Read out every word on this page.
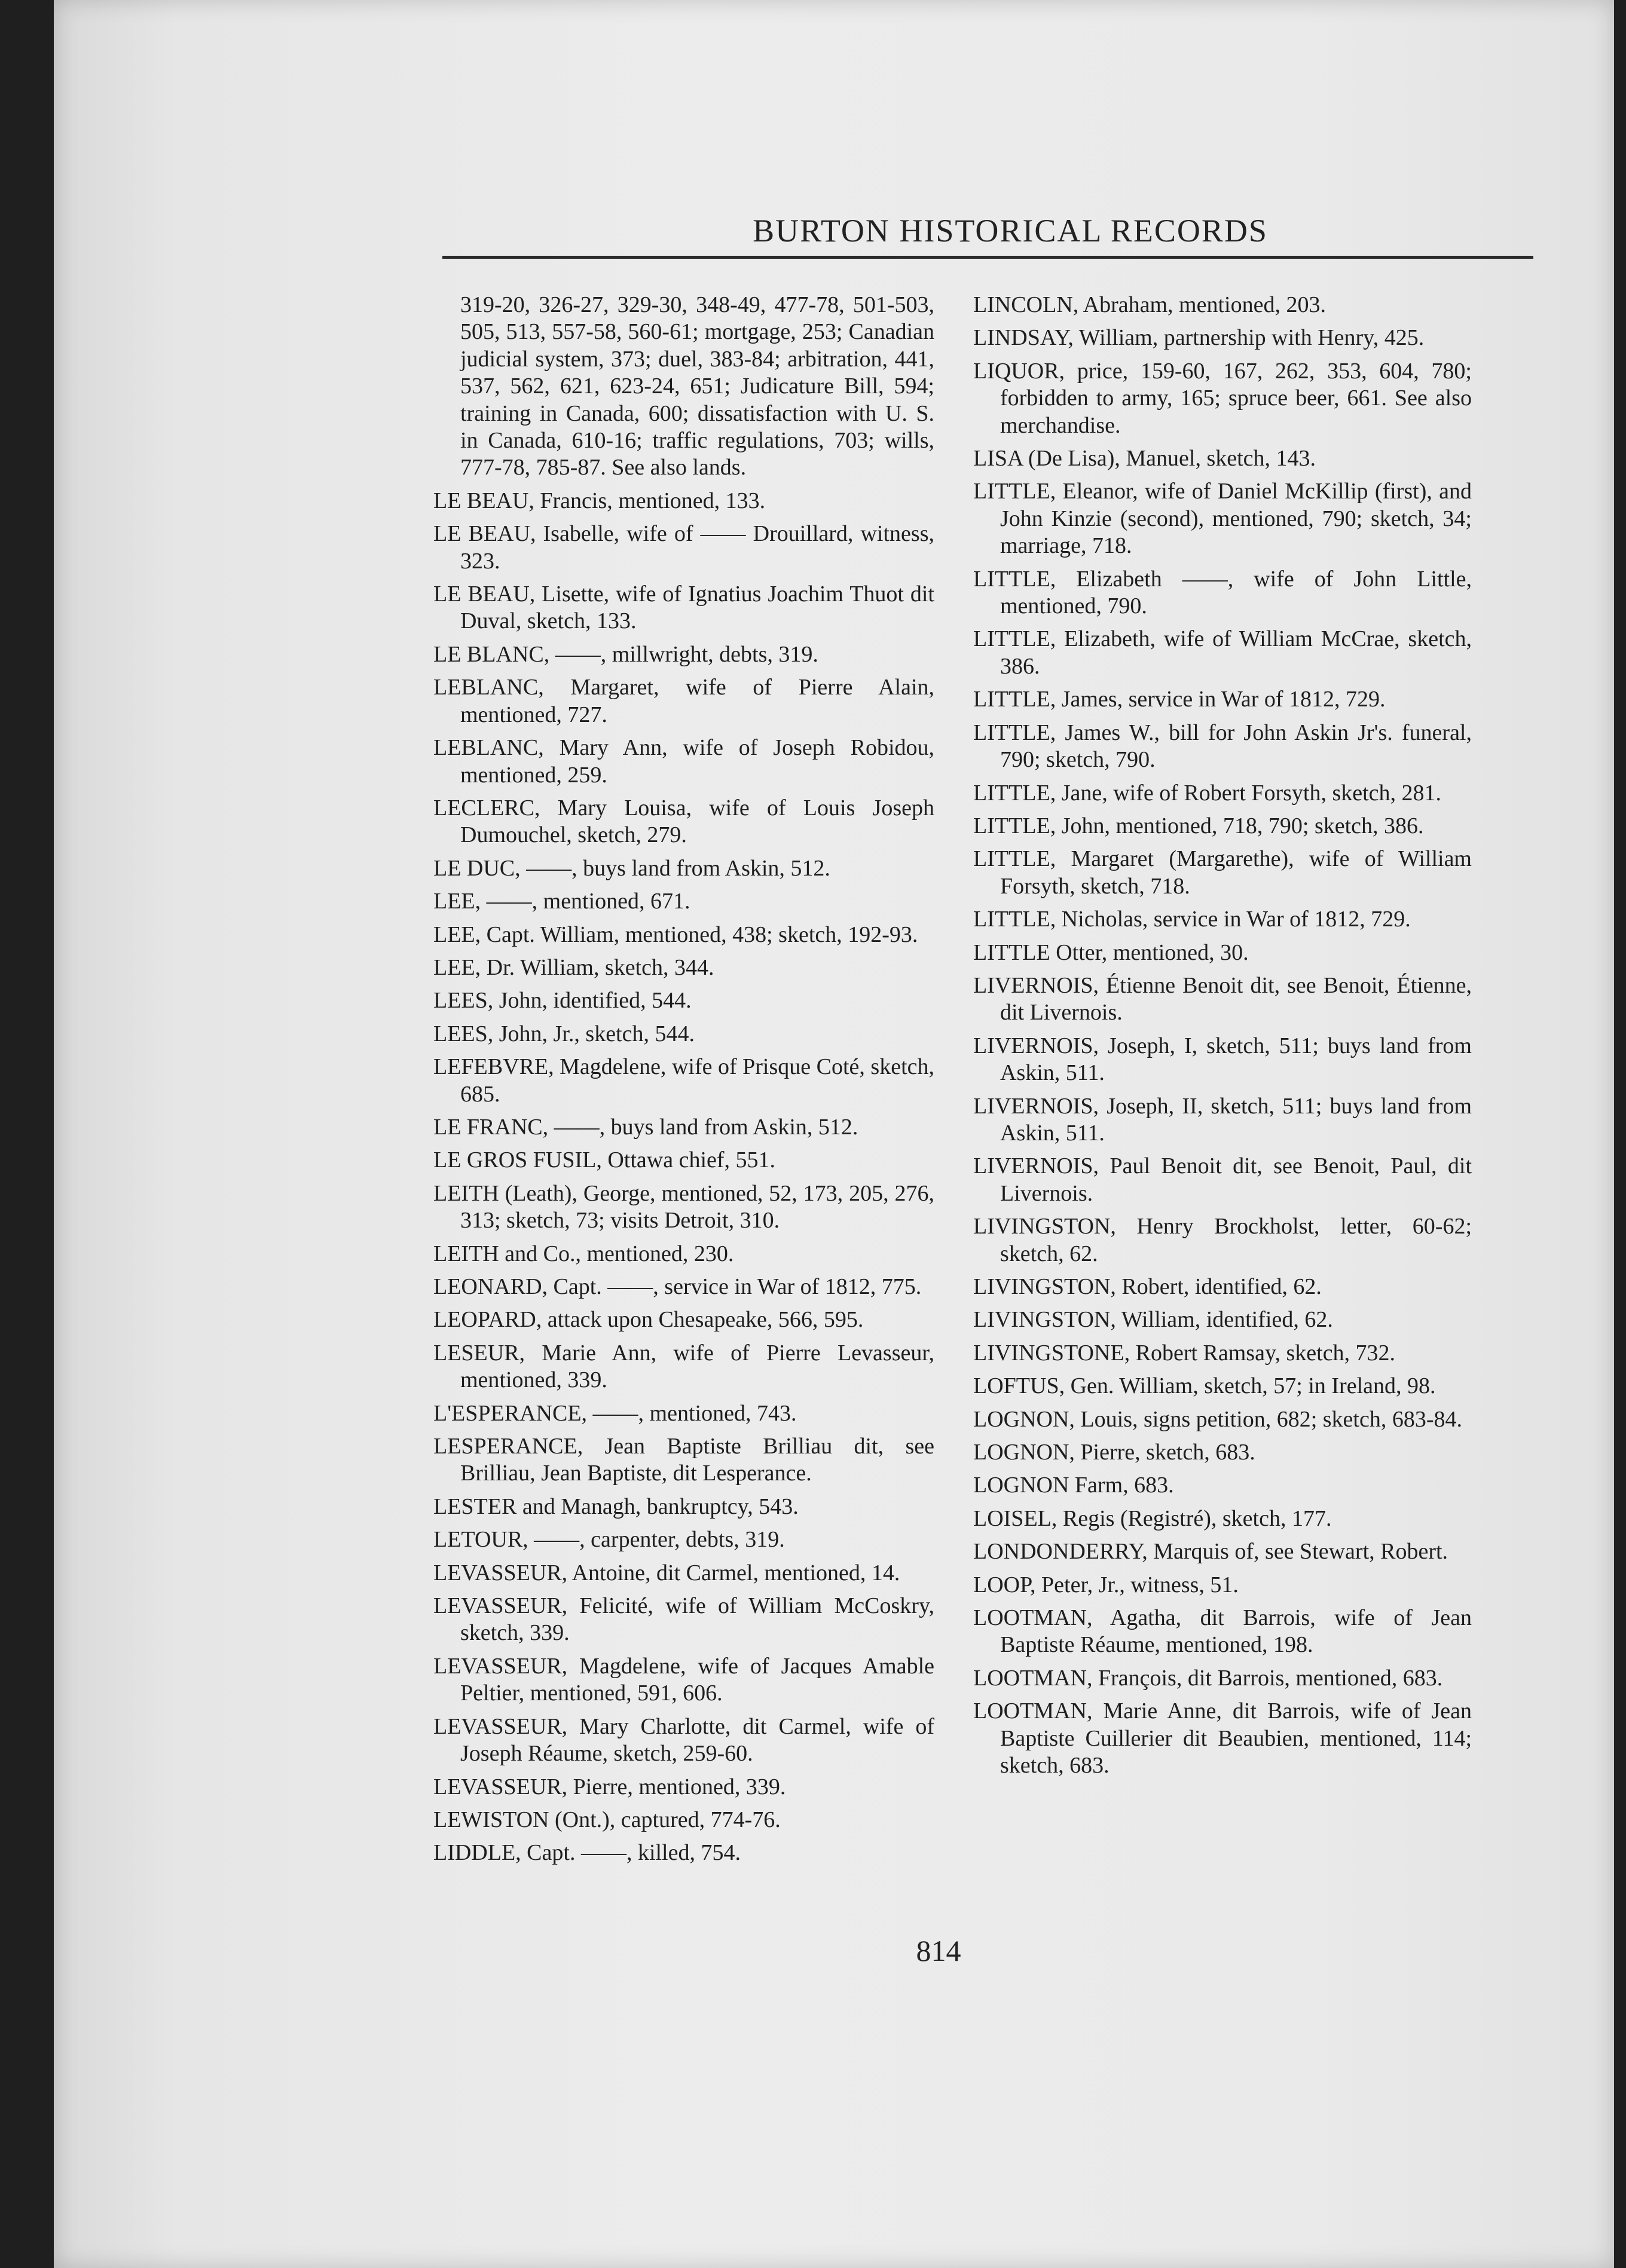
BURTON HISTORICAL RECORDS

319-20, 326-27, 329-30, 348-49, 477-78, 501-503, 505, 513, 557-58, 560-61; mortgage, 253; Canadian judicial system, 373; duel, 383-84; arbitration, 441, 537, 562, 621, 623-24, 651; Judicature Bill, 594; training in Canada, 600; dissatisfaction with U. S. in Canada, 610-16; traffic regulations, 703; wills, 777-78, 785-87. See also lands.

LE BEAU, Francis, mentioned, 133.

LE BEAU, Isabelle, wife of —— Drouillard, witness, 323.

LE BEAU, Lisette, wife of Ignatius Joachim Thuot dit Duval, sketch, 133.

LE BLANC, ——, millwright, debts, 319.

LEBLANC, Margaret, wife of Pierre Alain, mentioned, 727.

LEBLANC, Mary Ann, wife of Joseph Robidou, mentioned, 259.

LECLERC, Mary Louisa, wife of Louis Joseph Dumouchel, sketch, 279.

LE DUC, ——, buys land from Askin, 512.

LEE, ——, mentioned, 671.

LEE, Capt. William, mentioned, 438; sketch, 192-93.

LEE, Dr. William, sketch, 344.

LEES, John, identified, 544.

LEES, John, Jr., sketch, 544.

LEFEBVRE, Magdelene, wife of Prisque Coté, sketch, 685.

LE FRANC, ——, buys land from Askin, 512.

LE GROS FUSIL, Ottawa chief, 551.

LEITH (Leath), George, mentioned, 52, 173, 205, 276, 313; sketch, 73; visits Detroit, 310.

LEITH and Co., mentioned, 230.

LEONARD, Capt. ——, service in War of 1812, 775.

LEOPARD, attack upon Chesapeake, 566, 595.

LESEUR, Marie Ann, wife of Pierre Levasseur, mentioned, 339.

L'ESPERANCE, ——, mentioned, 743.

LESPERANCE, Jean Baptiste Brilliau dit, see Brilliau, Jean Baptiste, dit Lesperance.

LESTER and Managh, bankruptcy, 543.

LETOUR, ——, carpenter, debts, 319.

LEVASSEUR, Antoine, dit Carmel, mentioned, 14.

LEVASSEUR, Felicité, wife of William McCoskry, sketch, 339.

LEVASSEUR, Magdelene, wife of Jacques Amable Peltier, mentioned, 591, 606.

LEVASSEUR, Mary Charlotte, dit Carmel, wife of Joseph Réaume, sketch, 259-60.

LEVASSEUR, Pierre, mentioned, 339.

LEWISTON (Ont.), captured, 774-76.

LIDDLE, Capt. ——, killed, 754.

LINCOLN, Abraham, mentioned, 203.

LINDSAY, William, partnership with Henry, 425.

LIQUOR, price, 159-60, 167, 262, 353, 604, 780; forbidden to army, 165; spruce beer, 661. See also merchandise.

LISA (De Lisa), Manuel, sketch, 143.

LITTLE, Eleanor, wife of Daniel McKillip (first), and John Kinzie (second), mentioned, 790; sketch, 34; marriage, 718.

LITTLE, Elizabeth ——, wife of John Little, mentioned, 790.

LITTLE, Elizabeth, wife of William McCrae, sketch, 386.

LITTLE, James, service in War of 1812, 729.

LITTLE, James W., bill for John Askin Jr's. funeral, 790; sketch, 790.

LITTLE, Jane, wife of Robert Forsyth, sketch, 281.

LITTLE, John, mentioned, 718, 790; sketch, 386.

LITTLE, Margaret (Margarethe), wife of William Forsyth, sketch, 718.

LITTLE, Nicholas, service in War of 1812, 729.

LITTLE Otter, mentioned, 30.

LIVERNOIS, Étienne Benoit dit, see Benoit, Étienne, dit Livernois.

LIVERNOIS, Joseph, I, sketch, 511; buys land from Askin, 511.

LIVERNOIS, Joseph, II, sketch, 511; buys land from Askin, 511.

LIVERNOIS, Paul Benoit dit, see Benoit, Paul, dit Livernois.

LIVINGSTON, Henry Brockholst, letter, 60-62; sketch, 62.

LIVINGSTON, Robert, identified, 62.

LIVINGSTON, William, identified, 62.

LIVINGSTONE, Robert Ramsay, sketch, 732.

LOFTUS, Gen. William, sketch, 57; in Ireland, 98.

LOGNON, Louis, signs petition, 682; sketch, 683-84.

LOGNON, Pierre, sketch, 683.

LOGNON Farm, 683.

LOISEL, Regis (Registré), sketch, 177.

LONDONDERRY, Marquis of, see Stewart, Robert.

LOOP, Peter, Jr., witness, 51.

LOOTMAN, Agatha, dit Barrois, wife of Jean Baptiste Réaume, mentioned, 198.

LOOTMAN, François, dit Barrois, mentioned, 683.

LOOTMAN, Marie Anne, dit Barrois, wife of Jean Baptiste Cuillerier dit Beaubien, mentioned, 114; sketch, 683.

814
